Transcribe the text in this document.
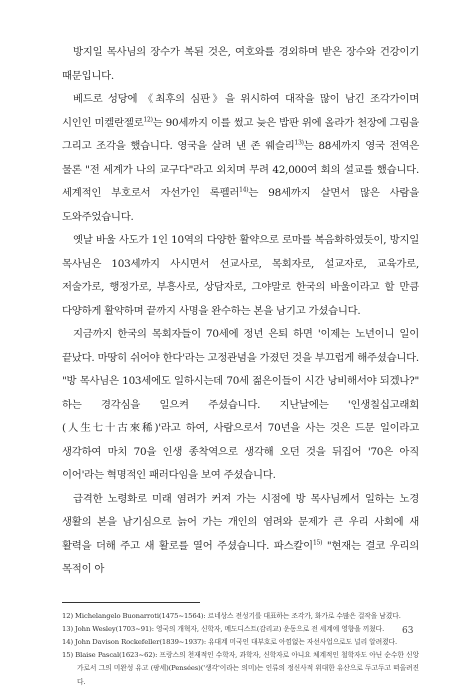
방지일 목사님의 장수가 복된 것은, 여호와를 경외하며 받은 장수와 건강이기 때문입니다.

베드로 성당에 《최후의 심판》을 위시하여 대작을 많이 남긴 조각가이며 시인인 미켈란젤로$^{12)}$는 90세까지 이를 썼고 늦은 밥판 위에 올라가 천장에 그림을 그리고 조각을 했습니다. 영국을 살려 낸 존 웨슬리$^{13)}$는 88세까지 영국 전역은 물론 "전 세계가 나의 교구다"라고 외치며 무려 42,000여 회의 설교를 했습니다. 세계적인 부호로서 자선가인 록펠러$^{14)}$는 98세까지 살면서 많은 사람을 도와주었습니다.

옛날 바울 사도가 1인 10역의 다양한 활약으로 로마를 복음화하였듯이, 방지일 목사님은 103세까지 사시면서 선교사로, 목회자로, 설교자로, 교육가로, 저술가로, 행정가로, 부흥사로, 상담자로, 그야말로 한국의 바울이라고 할 만큼 다양하게 활약하며 끝까지 사명을 완수하는 본을 남기고 가셨습니다.

지금까지 한국의 목회자들이 70세에 정년 은퇴 하면 '이제는 노년이니 일이 끝났다. 마땅히 쉬어야 한다'라는 고정관념을 가졌던 것을 부끄럽게 해주셨습니다. "방 목사님은 103세에도 일하시는데 70세 젊은이들이 시간 낭비해서야 되겠나?" 하는 경각심을 일으켜 주셨습니다. 지난날에는 '인생칠십고래희(人生七十古來稀)'라고 하여, 사람으로서 70년을 사는 것은 드문 일이라고 생각하여 마치 70을 인생 종착역으로 생각해 오던 것을 뒤집어 '70은 아직 이어'라는 혁명적인 패러다임을 보여 주셨습니다.

급격한 노령화로 미래 염려가 커져 가는 시점에 방 목사님께서 일하는 노경 생활의 본을 남기심으로 늙어 가는 개인의 염려와 문제가 큰 우리 사회에 새 활력을 더해 주고 새 활로를 열어 주셨습니다. 파스칼이$^{15)}$ "현재는 결코 우리의 목적이 아

12) Michelangelo Buonarroti(1475~1564): 르네상스 전성기를 대표하는 조각가, 화가로 수많은 걸작을 남겼다.

13) John Wesley(1703~91): 영국의 개혁자, 신학자, 메도디스트(감리교) 운동으로 전 세계에 영향을 끼쳤다.

14) John Davison Rockefeller(1839~1937): 유대계 미국인 대부호로 아낌없는 자선사업으로도 널리 알려졌다.

15) Blaise Pascal(1623~62): 프랑스의 천재적인 수학자, 과학자, 신학자로 아니요 체계적인 철학자도 아닌 순수한 신앙가로서 그의 미완성 유고 (팡세)(Pensées)('생각'이라는 의미)는 인류의 정신사적 위대한 유산으로 두고두고 떠올려진다.

63
